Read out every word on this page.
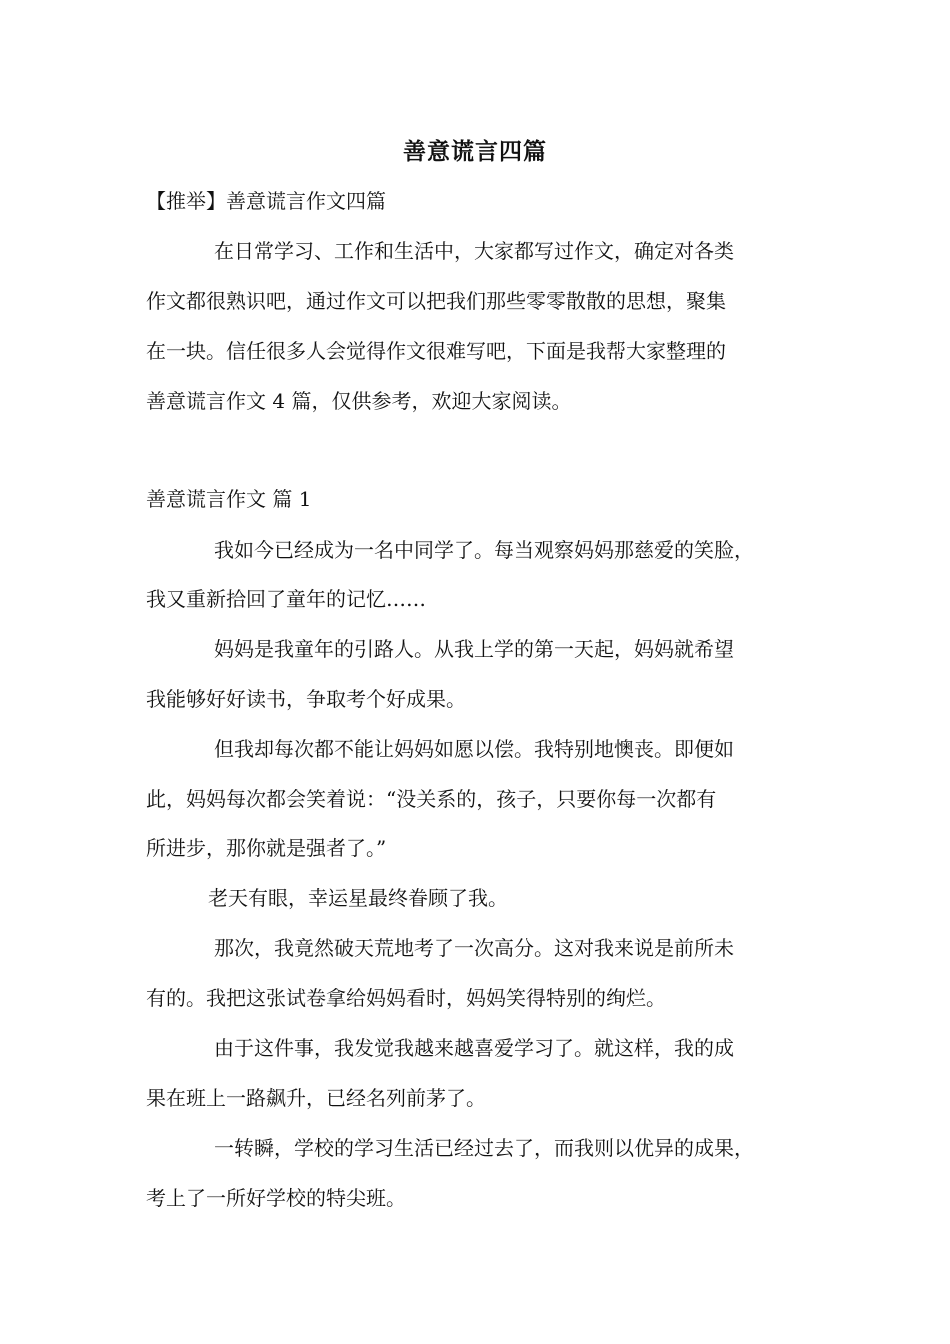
善意谎言四篇
【推举】善意谎言作文四篇
在日常学习、工作和生活中，大家都写过作文，确定对各类
作文都很熟识吧，通过作文可以把我们那些零零散散的思想，聚集
在一块。信任很多人会觉得作文很难写吧，下面是我帮大家整理的
善意谎言作文 4 篇，仅供参考，欢迎大家阅读。
善意谎言作文 篇 1
我如今已经成为一名中同学了。每当观察妈妈那慈爱的笑脸，
我又重新拾回了童年的记忆……
妈妈是我童年的引路人。从我上学的第一天起，妈妈就希望
我能够好好读书，争取考个好成果。
但我却每次都不能让妈妈如愿以偿。我特别地懊丧。即便如
此，妈妈每次都会笑着说：“没关系的，孩子，只要你每一次都有
所进步，那你就是强者了。”
老天有眼，幸运星最终眷顾了我。
那次，我竟然破天荒地考了一次高分。这对我来说是前所未
有的。我把这张试卷拿给妈妈看时，妈妈笑得特别的绚烂。
由于这件事，我发觉我越来越喜爱学习了。就这样，我的成
果在班上一路飙升，已经名列前茅了。
一转瞬，学校的学习生活已经过去了，而我则以优异的成果，
考上了一所好学校的特尖班。
